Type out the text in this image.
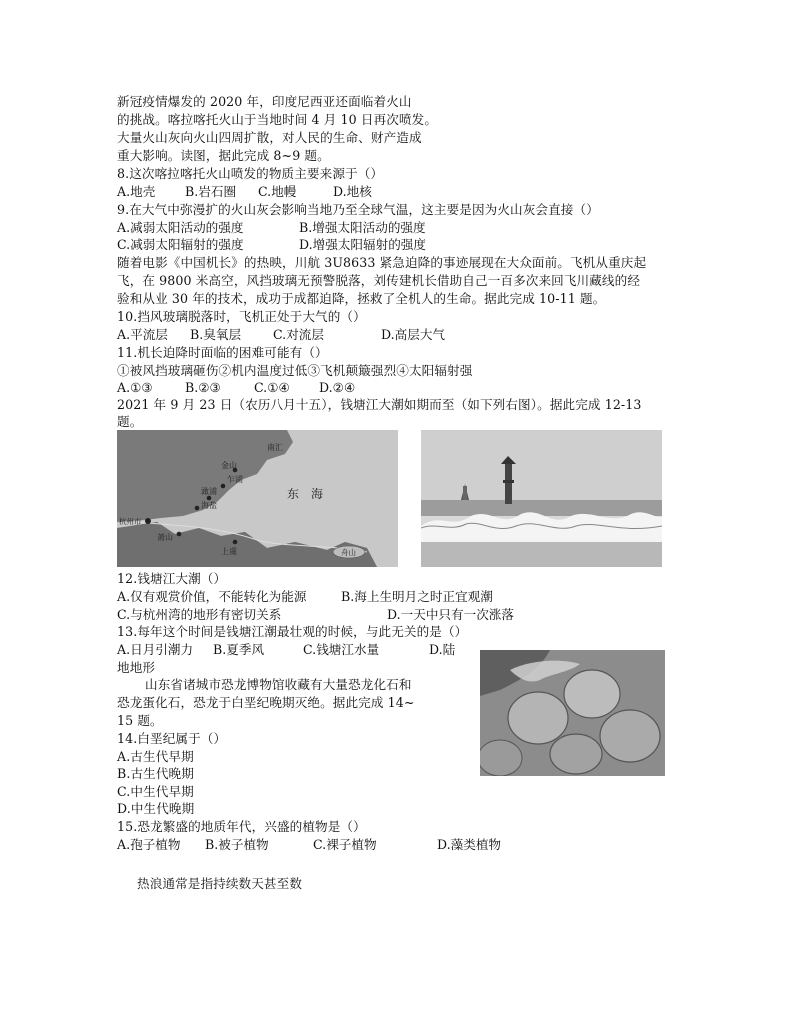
新冠疫情爆发的 2020 年，印度尼西亚还面临着火山
的挑战。喀拉喀托火山于当地时间 4 月 10 日再次喷发。
大量火山灰向火山四周扩散，对人民的生命、财产造成
重大影响。读图，据此完成 8~9 题。
8.这次喀拉喀托火山喷发的物质主要来源于（）
A.地壳 B.岩石圈 C.地幔	D.地核
9.在大气中弥漫扩的火山灰会影响当地乃至全球气温，这主要是因为火山灰会直接（）
A.减弱太阳活动的强度	B.增强太阳活动的强度
C.减弱太阳辐射的强度	D.增强太阳辐射的强度
随着电影《中国机长》的热映，川航 3U8633 紧急迫降的事迹展现在大众面前。飞机从重庆起
飞，在 9800 米高空，风挡玻璃无预警脱落，刘传建机长借助自己一百多次来回飞川藏线的经
验和从业 30 年的技术，成功于成都迫降，拯救了全机人的生命。据此完成 10-11 题。
10.挡风玻璃脱落时，飞机正处于大气的（）
A.平流层 B.臭氧层	C.对流层	D.高层大气
11.机长迫降时面临的困难可能有（）
①被风挡玻璃砸伤②机内温度过低③飞机颠簸强烈④太阳辐射强
A.①③	B.②③	C.①④ D.②④
2021 年 9 月 23 日（农历八月十五），钱塘江大潮如期而至（如下列右图）。据此完成 12-13
题。
南汇
金山
乍浦
澉浦
海盐
萧山
上虞	舟山
杭州市
东　海
12.钱塘江大潮（）
A.仅有观赏价值，不能转化为能源	B.海上生明月之时正宜观潮
C.与杭州湾的地形有密切关系	D.一天中只有一次涨落
13.每年这个时间是钱塘江潮最壮观的时候，与此无关的是（）
A.日月引潮力 B.夏季风	C.钱塘江水量	D.陆
地地形
山东省诸城市恐龙博物馆收藏有大量恐龙化石和
恐龙蛋化石，恐龙于白垩纪晚期灭绝。据此完成 14~
15 题。
14.白垩纪属于（）
A.古生代早期
B.古生代晚期
C.中生代早期
D.中生代晚期
15.恐龙繁盛的地质年代，兴盛的植物是（）
A.孢子植物 B.被子植物	C.裸子植物	D.藻类植物
热浪通常是指持续数天甚至数
